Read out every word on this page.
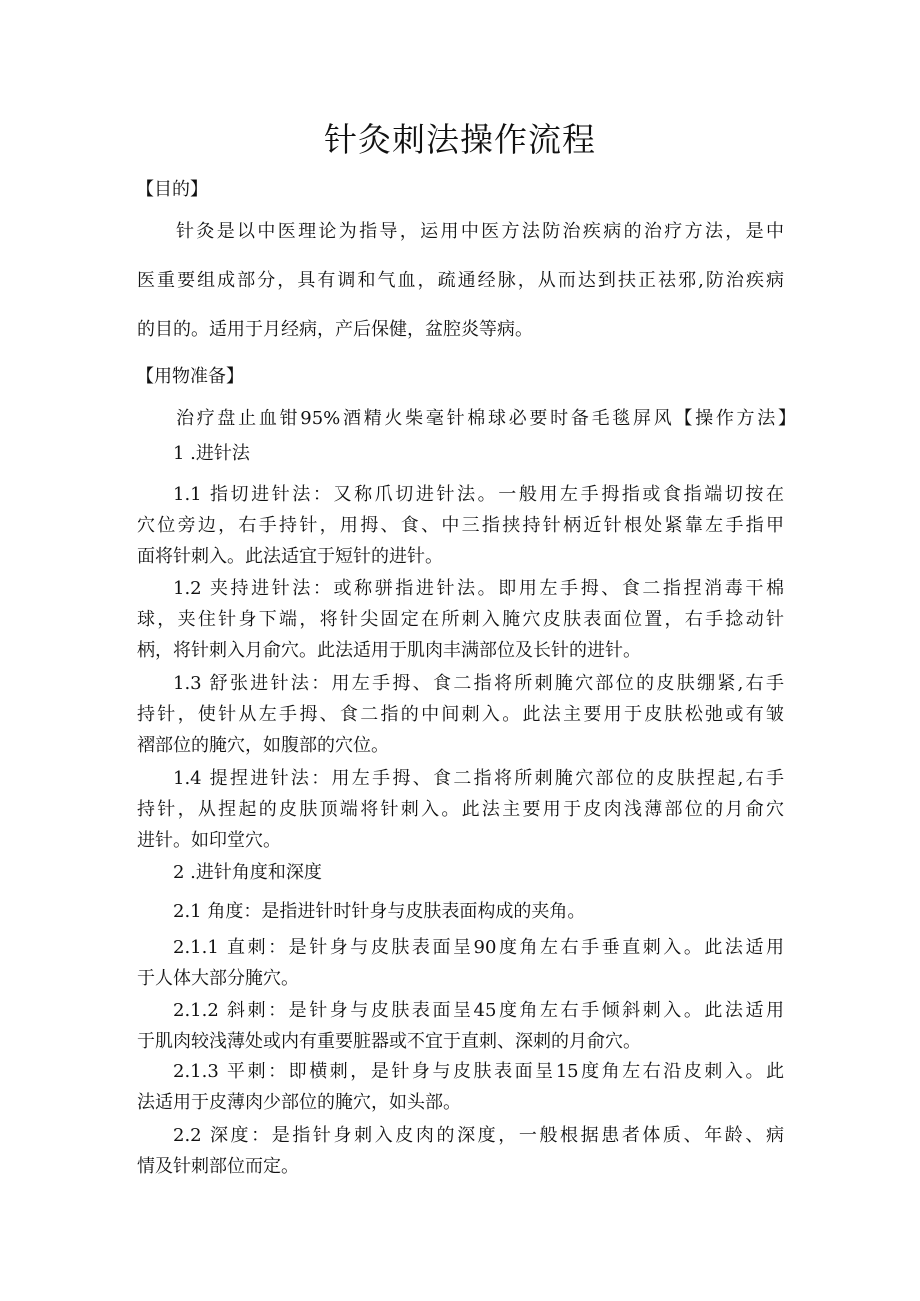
针灸刺法操作流程
【目的】
针灸是以中医理论为指导，运用中医方法防治疾病的治疗方法，是中
医重要组成部分，具有调和气血，疏通经脉，从而达到扶正祛邪,防治疾病
的目的。适用于月经病，产后保健，盆腔炎等病。
【用物准备】
治疗盘止血钳95%酒精火柴毫针棉球必要时备毛毯屏风【操作方法】
1 .进针法
1.1 指切进针法：又称爪切进针法。一般用左手拇指或食指端切按在
穴位旁边，右手持针，用拇、食、中三指挟持针柄近针根处紧靠左手指甲
面将针刺入。此法适宜于短针的进针。
1.2 夹持进针法：或称骈指进针法。即用左手拇、食二指捏消毒干棉
球，夹住针身下端，将针尖固定在所刺入腌穴皮肤表面位置，右手捻动针
柄，将针刺入月俞穴。此法适用于肌肉丰满部位及长针的进针。
1.3 舒张进针法：用左手拇、食二指将所刺腌穴部位的皮肤绷紧,右手
持针，使针从左手拇、食二指的中间刺入。此法主要用于皮肤松弛或有皱
褶部位的腌穴，如腹部的穴位。
1.4 提捏进针法：用左手拇、食二指将所刺腌穴部位的皮肤捏起,右手
持针，从捏起的皮肤顶端将针刺入。此法主要用于皮肉浅薄部位的月俞穴
进针。如印堂穴。
2 .进针角度和深度
2.1 角度：是指进针时针身与皮肤表面构成的夹角。
2.1.1 直刺：是针身与皮肤表面呈90度角左右手垂直刺入。此法适用
于人体大部分腌穴。
2.1.2 斜刺：是针身与皮肤表面呈45度角左右手倾斜刺入。此法适用
于肌肉较浅薄处或内有重要脏器或不宜于直刺、深刺的月俞穴。
2.1.3 平刺：即横刺，是针身与皮肤表面呈15度角左右沿皮刺入。此
法适用于皮薄肉少部位的腌穴，如头部。
2.2 深度：是指针身刺入皮肉的深度，一般根据患者体质、年龄、病
情及针刺部位而定。
